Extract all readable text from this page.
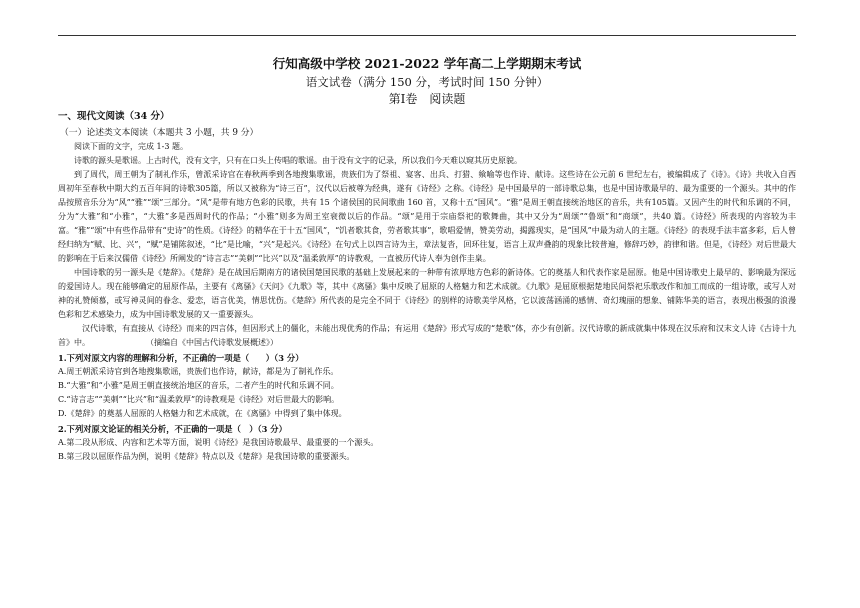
行知高级中学校 2021-2022 学年高二上学期期末考试
语文试卷（满分 150 分，考试时间 150 分钟）
第Ⅰ卷　阅读题
一、现代文阅读（34 分）
（一）论述类文本阅读（本题共 3 小题，共 9 分）
阅读下面的文字，完成 1-3 题。
诗歌的源头是歌谣。上古时代，没有文字，只有在口头上传唱的歌谣。由于没有文字的记录，所以我们今天难以窥其历史原貌。
到了周代，周王朝为了制礼作乐，曾派采诗官在春秋两季到各地搜集歌谣，贵族们为了祭祖、宴客、出兵、打猎、飨喻等也作诗、献诗。这些诗在公元前 6 世纪左右，被编辑成了《诗》。《诗》共收入自西周初年至春秋中期大约五百年间的诗歌305篇，所以又被称为“诗三百”，汉代以后被尊为经典，遂有《诗经》之称。《诗经》是中国最早的一部诗歌总集，也是中国诗歌最早的、最为重要的一个源头。其中的作品按照音乐分为“风”“雅”“颂”三部分。“风”是带有地方色彩的民歌，共有 15 个诸侯国的民间歌曲 160 首，又称十五“国风”。“雅”是周王朝直接统治地区的音乐，共有105篇。又因产生的时代和乐调的不同，分为“大雅”和“小雅”，“大雅”多是西周时代的作品；“小雅”则多为周王室衰微以后的作品。“颂”是用于宗庙祭祀的歌舞曲，其中又分为“周颂”“鲁颂”和“商颂”，共40 篇。《诗经》所表现的内容较为丰富。“雅”“颂”中有些作品带有“史诗”的性质。《诗经》的精华在于十五“国风”，“饥者歌其食，劳者歌其事”，歌唱爱情，赞美劳动，揭露现实，是“国风”中最为动人的主题。《诗经》的表现手法丰富多彩，后人曾经归纳为“赋、比、兴”，“赋”是铺陈叙述，“比”是比喻，“兴”是起兴。《诗经》在句式上以四言诗为主，章法复沓，回环往复，语言上双声叠韵的现象比较普遍，修辞巧妙，韵律和谐。但是，《诗经》对后世最大的影响在于后来汉儒借《诗经》所阐发的“诗言志”“美刺”“比兴”以及“温柔敦厚”的诗教观，一直被历代诗人奉为创作圭臬。
中国诗歌的另一源头是《楚辞》。《楚辞》是在战国后期南方的诸侯国楚国民歌的基础上发展起来的一种带有浓厚地方色彩的新诗体。它的奠基人和代表作家是屈原。他是中国诗歌史上最早的、影响最为深远的爱国诗人。现在能够确定的屈原作品，主要有《离骚》《天问》《九歌》等，其中《离骚》集中反映了屈原的人格魅力和艺术成就。《九歌》是屈原根据楚地民间祭祀乐歌改作和加工而成的一组诗歌，或写人对神的礼赞倾慕，或写神灵间的眷念、爱恋，语言优美，情思忧伤。《楚辞》所代表的是完全不同于《诗经》的别样的诗歌美学风格，它以波荡涵涌的感情、奇幻瑰丽的想象、铺陈华美的语言，表现出极强的浪漫色彩和艺术感染力，成为中国诗歌发展的又一重要源头。
汉代诗歌，有直接从《诗经》而来的四言体，但因形式上的僵化，未能出现优秀的作品；有运用《楚辞》形式写成的“楚歌”体，亦少有创新。汉代诗歌的新成就集中体现在汉乐府和汉末文人诗《古诗十九首》中。	（摘编自《中国古代诗歌发展概述》）
1.下列对原文内容的理解和分析，不正确的一项是（　　）（3 分）
A.周王朝派采诗官到各地搜集歌谣，贵族们也作诗，献诗，都是为了制礼作乐。
B.“大雅”和“小雅”是周王朝直接统治地区的音乐，二者产生的时代和乐调不同。
C.“诗言志”“美刺”“比兴”和“温柔敦厚”的诗教观是《诗经》对后世最大的影响。
D.《楚辞》的奠基人屈原的人格魅力和艺术成就，在《离骚》中得到了集中体现。
2.下列对原文论证的相关分析，不正确的一项是（　）（3 分）
A.第二段从形成、内容和艺术等方面，说明《诗经》是我国诗歌最早、最重要的一个源头。
B.第三段以屈原作品为例，说明《楚辞》特点以及《楚辞》是我国诗歌的重要源头。
